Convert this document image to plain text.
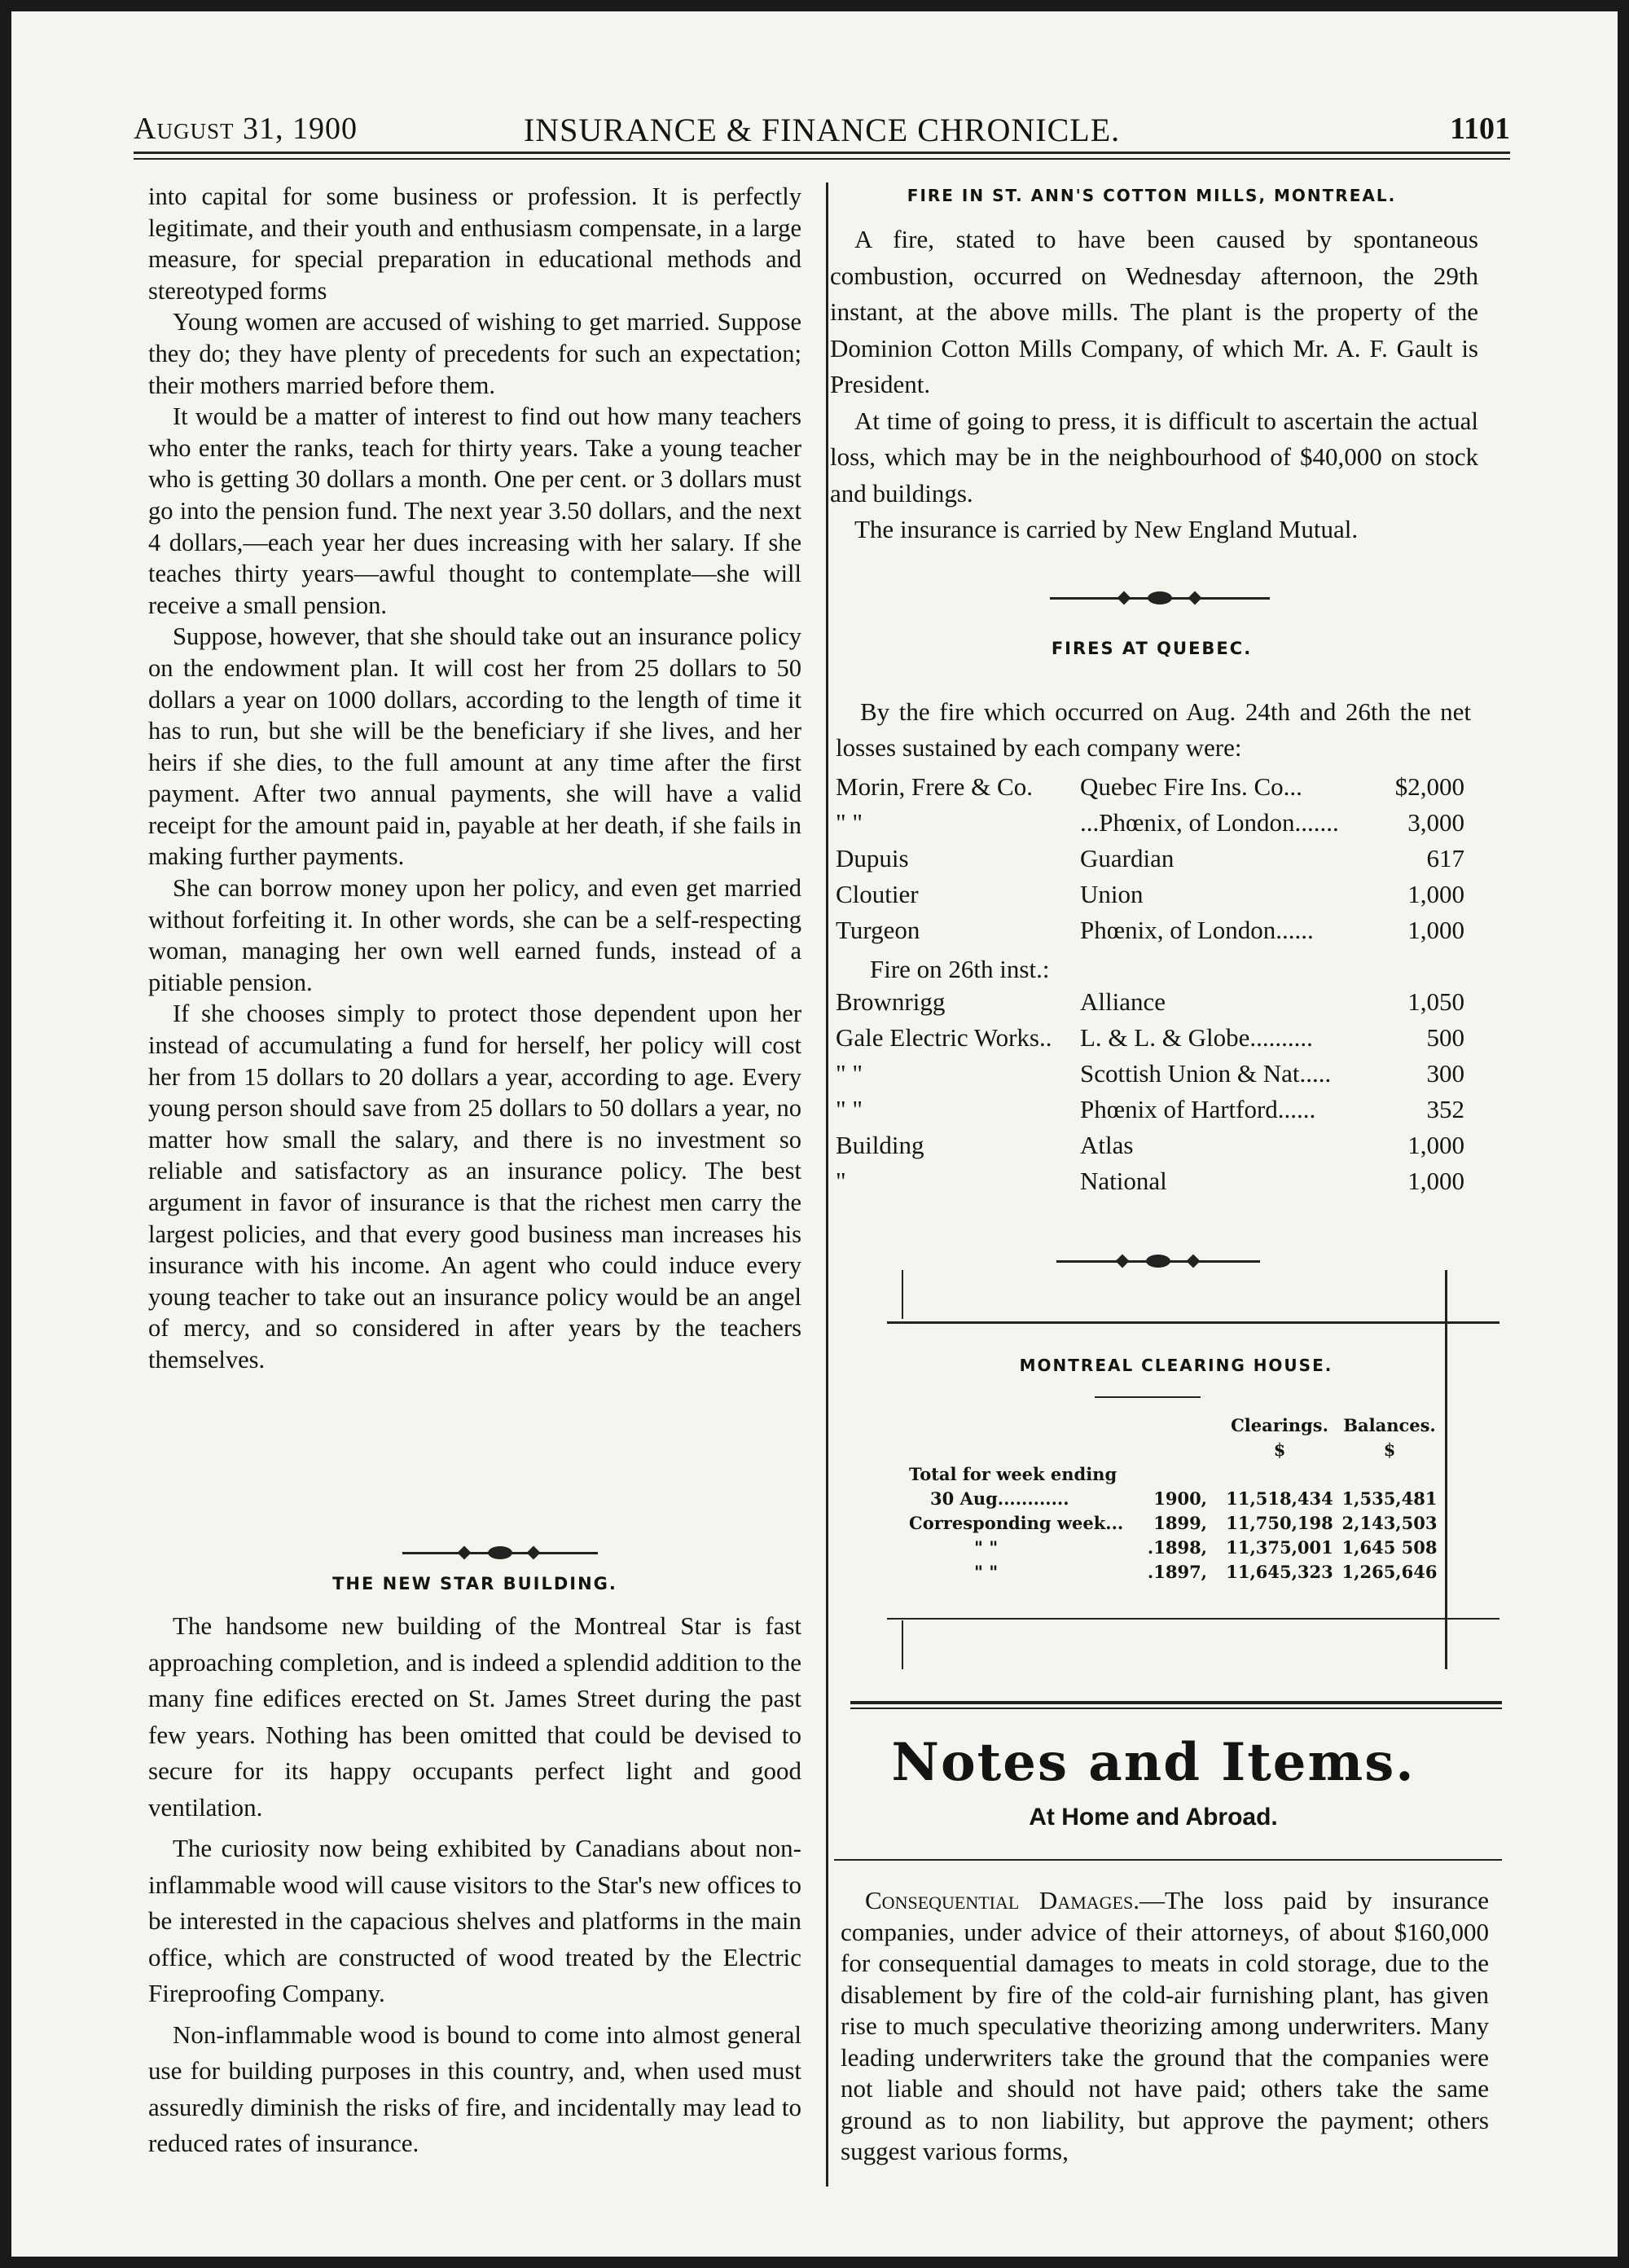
August 31, 1900	INSURANCE & FINANCE CHRONICLE.	1101

into capital for some business or profession. It is perfectly legitimate, and their youth and enthusiasm compensate, in a large measure, for special preparation in educational methods and stereotyped forms

Young women are accused of wishing to get married. Suppose they do; they have plenty of precedents for such an expectation; their mothers married before them.

It would be a matter of interest to find out how many teachers who enter the ranks, teach for thirty years. Take a young teacher who is getting 30 dollars a month. One per cent. or 3 dollars must go into the pension fund. The next year 3.50 dollars, and the next 4 dollars,—each year her dues increasing with her salary. If she teaches thirty years—awful thought to contemplate—she will receive a small pension.

Suppose, however, that she should take out an insurance policy on the endowment plan. It will cost her from 25 dollars to 50 dollars a year on 1000 dollars, according to the length of time it has to run, but she will be the beneficiary if she lives, and her heirs if she dies, to the full amount at any time after the first payment. After two annual payments, she will have a valid receipt for the amount paid in, payable at her death, if she fails in making further payments.

She can borrow money upon her policy, and even get married without forfeiting it. In other words, she can be a self-respecting woman, managing her own well earned funds, instead of a pitiable pension.

If she chooses simply to protect those dependent upon her instead of accumulating a fund for herself, her policy will cost her from 15 dollars to 20 dollars a year, according to age. Every young person should save from 25 dollars to 50 dollars a year, no matter how small the salary, and there is no investment so reliable and satisfactory as an insurance policy. The best argument in favor of insurance is that the richest men carry the largest policies, and that every good business man increases his insurance with his income. An agent who could induce every young teacher to take out an insurance policy would be an angel of mercy, and so considered in after years by the teachers themselves.

THE NEW STAR BUILDING.

The handsome new building of the Montreal Star is fast approaching completion, and is indeed a splendid addition to the many fine edifices erected on St. James Street during the past few years. Nothing has been omitted that could be devised to secure for its happy occupants perfect light and good ventilation.

The curiosity now being exhibited by Canadians about non-inflammable wood will cause visitors to the Star's new offices to be interested in the capacious shelves and platforms in the main office, which are constructed of wood treated by the Electric Fireproofing Company.

Non-inflammable wood is bound to come into almost general use for building purposes in this country, and, when used must assuredly diminish the risks of fire, and incidentally may lead to reduced rates of insurance.

FIRE IN ST. ANN'S COTTON MILLS, MONTREAL.

A fire, stated to have been caused by spontaneous combustion, occurred on Wednesday afternoon, the 29th instant, at the above mills. The plant is the property of the Dominion Cotton Mills Company, of which Mr. A. F. Gault is President.

At time of going to press, it is difficult to ascertain the actual loss, which may be in the neighbourhood of $40,000 on stock and buildings.

The insurance is carried by New England Mutual.

FIRES AT QUEBEC.

By the fire which occurred on Aug. 24th and 26th the net losses sustained by each company were:

Morin, Frere & Co.	Quebec Fire Ins. Co...	$2,000
" "	...Phœnix, of London.......	3,000
Dupuis	Guardian	617
Cloutier	Union	1,000
Turgeon	Phœnix, of London......	1,000
Fire on 26th inst.:
Brownrigg	Alliance	1,050
Gale Electric Works..	L. & L. & Globe..........	500
" "	Scottish Union & Nat.....	300
" "	Phœnix of Hartford......	352
Building	Atlas	1,000
"	National	1,000
MONTREAL CLEARING HOUSE.
	Clearings.	Balances.
	$	$
Total for week ending

30 Aug............ 1900,	11,518,434	1,535,481
Corresponding week... 1899,	11,750,198	2,143,503
" " .1898,	11,375,001	1,645 508
" " .1897,	11,645,323	1,265,646
Notes and Items.
At Home and Abroad.

Consequential Damages.—The loss paid by insurance companies, under advice of their attorneys, of about $160,000 for consequential damages to meats in cold storage, due to the disablement by fire of the cold-air furnishing plant, has given rise to much speculative theorizing among underwriters. Many leading underwriters take the ground that the companies were not liable and should not have paid; others take the same ground as to non liability, but approve the payment; others suggest various forms,
